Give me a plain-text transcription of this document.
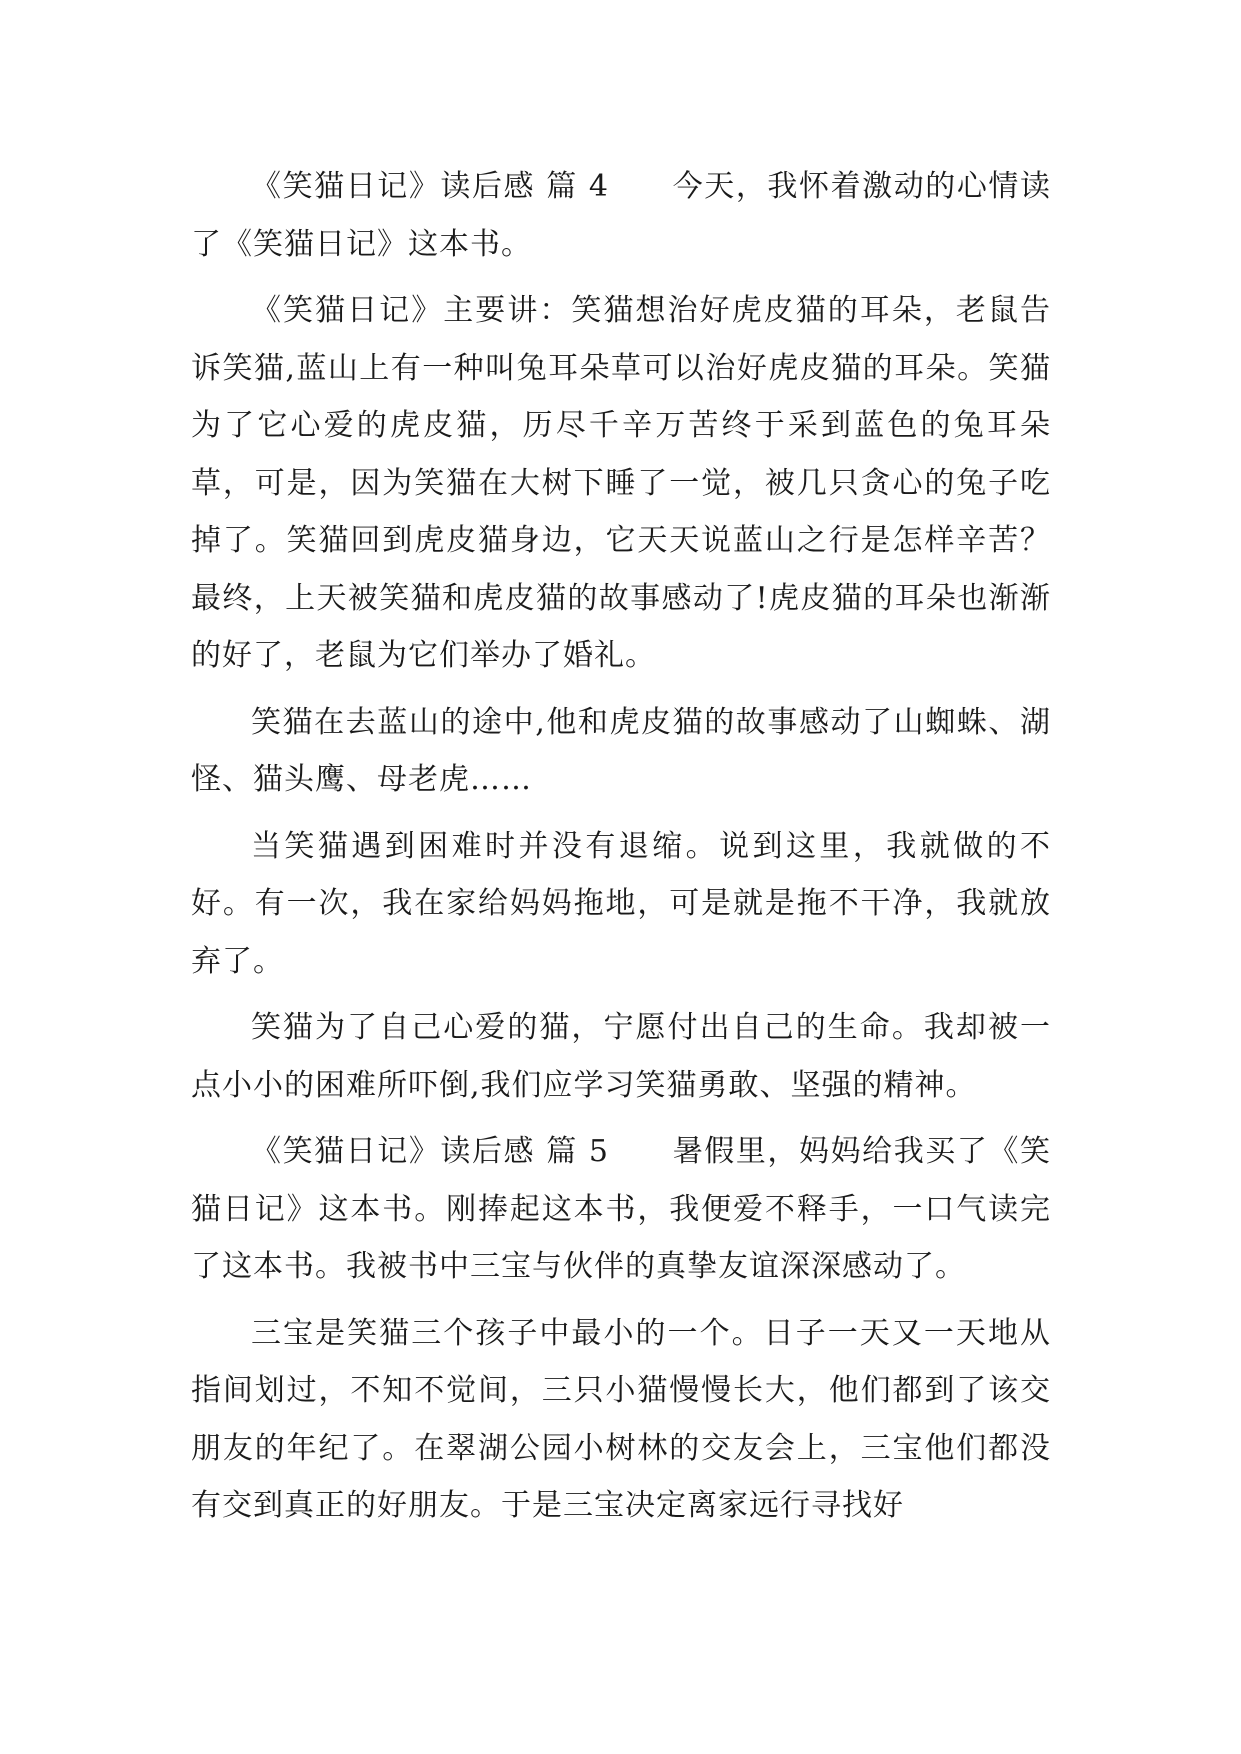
《笑猫日记》读后感 篇 4　　今天，我怀着激动的心情读了《笑猫日记》这本书。

《笑猫日记》主要讲：笑猫想治好虎皮猫的耳朵，老鼠告诉笑猫,蓝山上有一种叫兔耳朵草可以治好虎皮猫的耳朵。笑猫为了它心爱的虎皮猫，历尽千辛万苦终于采到蓝色的兔耳朵草，可是，因为笑猫在大树下睡了一觉，被几只贪心的兔子吃掉了。笑猫回到虎皮猫身边，它天天说蓝山之行是怎样辛苦？最终，上天被笑猫和虎皮猫的故事感动了!虎皮猫的耳朵也渐渐的好了，老鼠为它们举办了婚礼。

笑猫在去蓝山的途中,他和虎皮猫的故事感动了山蜘蛛、湖怪、猫头鹰、母老虎……

当笑猫遇到困难时并没有退缩。说到这里，我就做的不好。有一次，我在家给妈妈拖地，可是就是拖不干净，我就放弃了。

笑猫为了自己心爱的猫，宁愿付出自己的生命。我却被一点小小的困难所吓倒,我们应学习笑猫勇敢、坚强的精神。

《笑猫日记》读后感 篇 5　　暑假里，妈妈给我买了《笑猫日记》这本书。刚捧起这本书，我便爱不释手，一口气读完了这本书。我被书中三宝与伙伴的真挚友谊深深感动了。

三宝是笑猫三个孩子中最小的一个。日子一天又一天地从指间划过，不知不觉间，三只小猫慢慢长大，他们都到了该交朋友的年纪了。在翠湖公园小树林的交友会上，三宝他们都没有交到真正的好朋友。于是三宝决定离家远行寻找好
